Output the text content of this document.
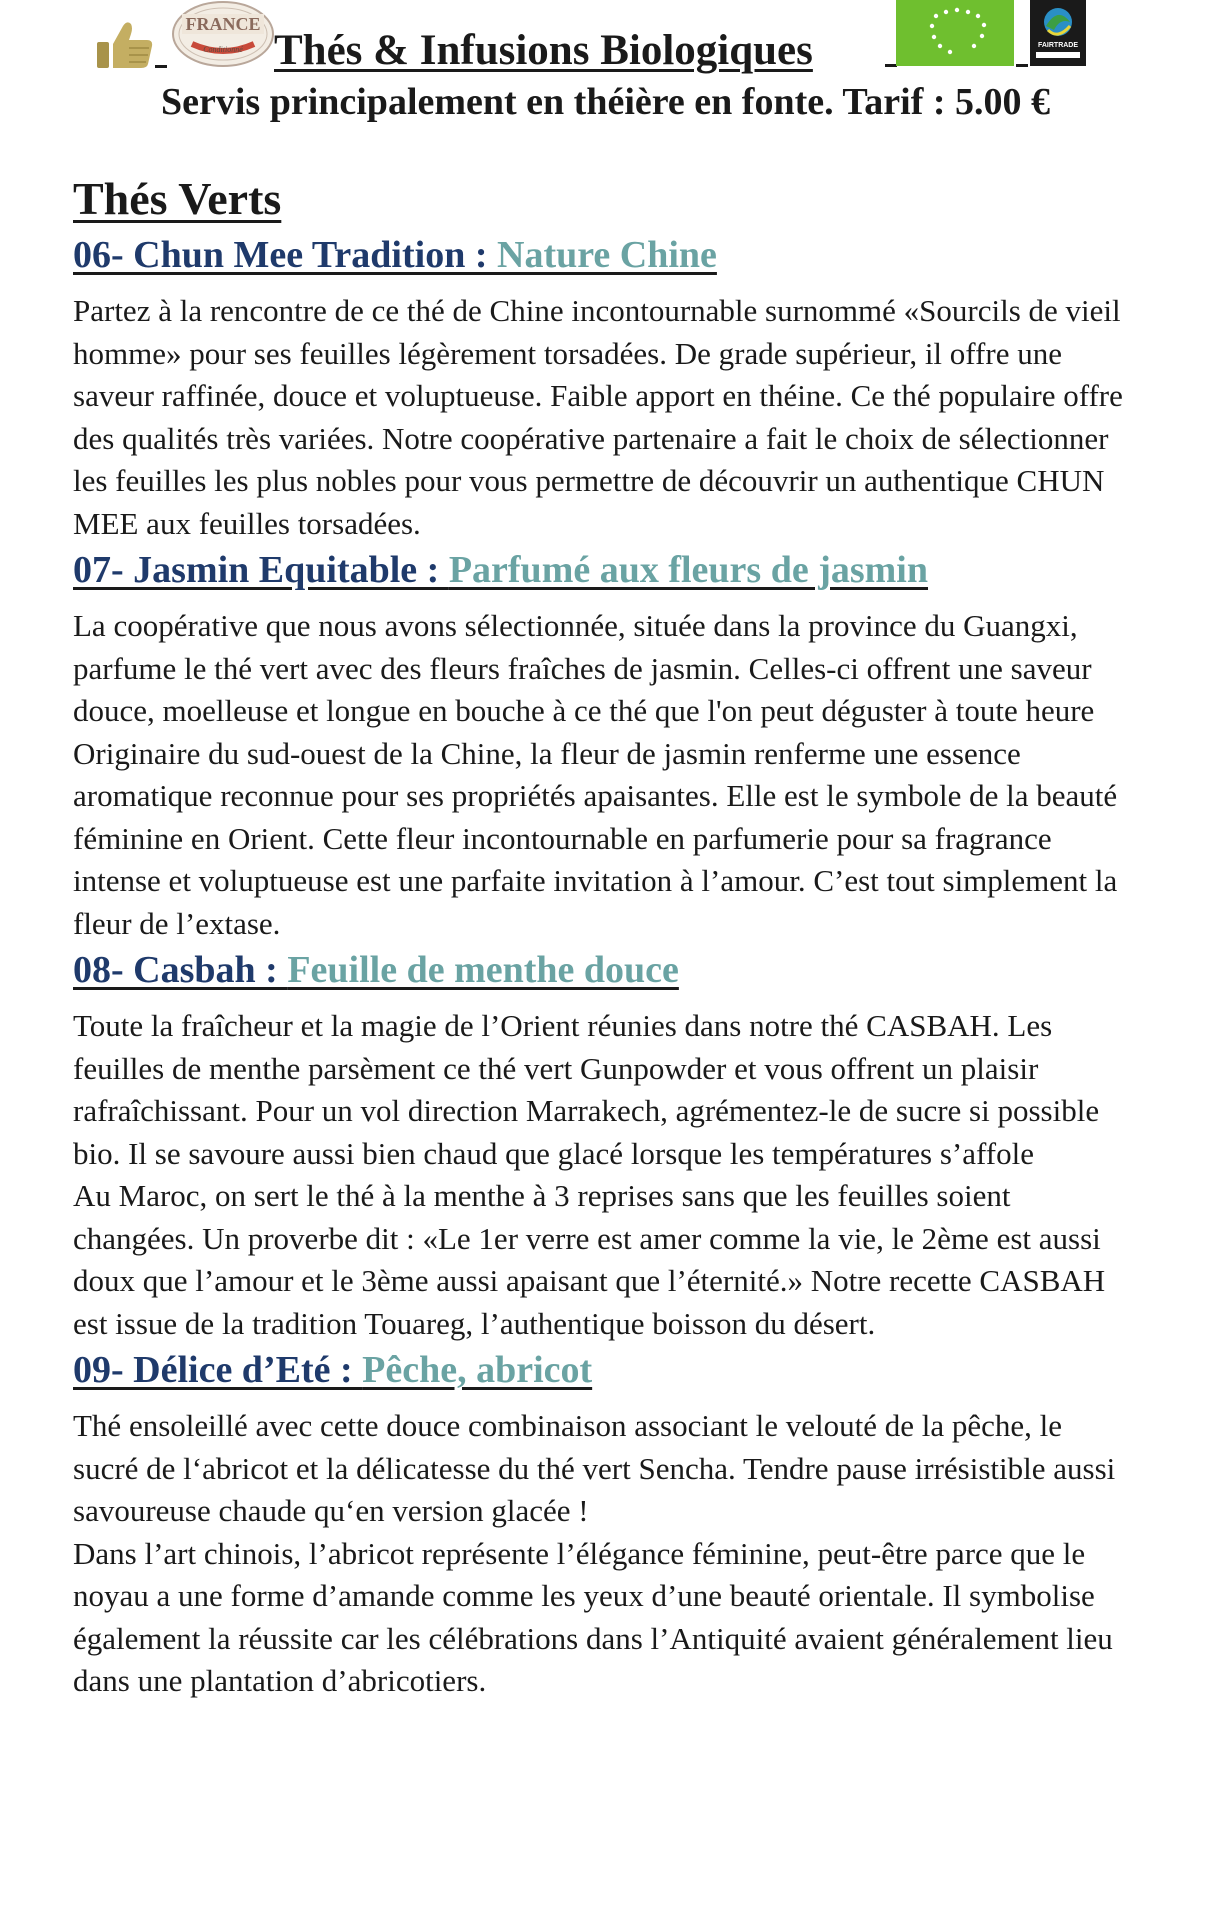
FRANCE
Conditionné Thés & Infusions Biologiques	FAIRTRADE
Servis principalement en théière en fonte. Tarif : 5.00 €
Thés Verts
06- Chun Mee Tradition : Nature Chine

Partez à la rencontre de ce thé de Chine incontournable surnommé «Sourcils de vieil homme» pour ses feuilles légèrement torsadées. De grade supérieur, il offre une saveur raffinée, douce et voluptueuse. Faible apport en théine. Ce thé populaire offre des qualités très variées. Notre coopérative partenaire a fait le choix de sélectionner les feuilles les plus nobles pour vous permettre de découvrir un authentique CHUN MEE aux feuilles torsadées.

07- Jasmin Equitable : Parfumé aux fleurs de jasmin

La coopérative que nous avons sélectionnée, située dans la province du Guangxi, parfume le thé vert avec des fleurs fraîches de jasmin. Celles-ci offrent une saveur douce, moelleuse et longue en bouche à ce thé que l'on peut déguster à toute heure

Originaire du sud-ouest de la Chine, la fleur de jasmin renferme une essence aromatique reconnue pour ses propriétés apaisantes. Elle est le symbole de la beauté féminine en Orient. Cette fleur incontournable en parfumerie pour sa fragrance intense et voluptueuse est une parfaite invitation à l’amour. C’est tout simplement la fleur de l’extase.

08- Casbah : Feuille de menthe douce

Toute la fraîcheur et la magie de l’Orient réunies dans notre thé CASBAH. Les feuilles de menthe parsèment ce thé vert Gunpowder et vous offrent un plaisir rafraîchissant. Pour un vol direction Marrakech, agrémentez-le de sucre si possible bio. Il se savoure aussi bien chaud que glacé lorsque les températures s’affole

Au Maroc, on sert le thé à la menthe à 3 reprises sans que les feuilles soient changées. Un proverbe dit : «Le 1er verre est amer comme la vie, le 2ème est aussi doux que l’amour et le 3ème aussi apaisant que l’éternité.» Notre recette CASBAH est issue de la tradition Touareg, l’authentique boisson du désert.

09- Délice d’Eté : Pêche, abricot

Thé ensoleillé avec cette douce combinaison associant le velouté de la pêche, le sucré de l‘abricot et la délicatesse du thé vert Sencha. Tendre pause irrésistible aussi savoureuse chaude qu‘en version glacée !

Dans l’art chinois, l’abricot représente l’élégance féminine, peut-être parce que le noyau a une forme d’amande comme les yeux d’une beauté orientale. Il symbolise également la réussite car les célébrations dans l’Antiquité avaient généralement lieu dans une plantation d’abricotiers.
